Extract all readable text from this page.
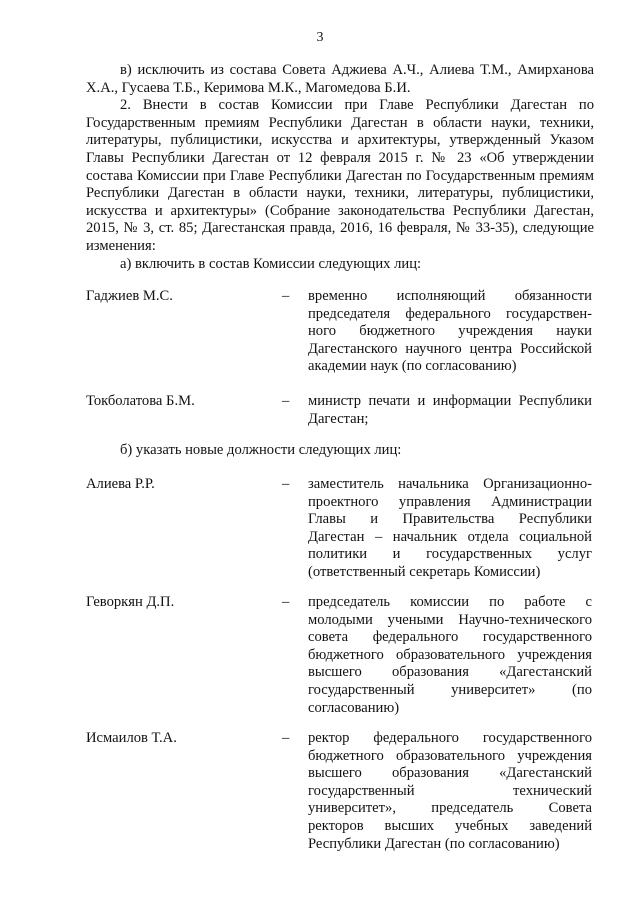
3

в) исключить из состава Совета Аджиева А.Ч., Алиева Т.М., Амирханова Х.А., Гусаева Т.Б., Керимова М.К., Магомедова Б.И.

2. Внести в состав Комиссии при Главе Республики Дагестан по Государственным премиям Республики Дагестан в области науки, техники, литературы, публицистики, искусства и архитектуры, утвержденный Указом Главы Республики Дагестан от 12 февраля 2015 г. № 23 «Об утверждении состава Комиссии при Главе Республики Дагестан по Государственным премиям Республики Дагестан в области науки, техники, литературы, публицистики, искусства и архитектуры» (Собрание законодательства Республики Дагестан, 2015, № 3, ст. 85; Дагестанская правда, 2016, 16 февраля, № 33-35), следующие изменения:

а) включить в состав Комиссии следующих лиц:
Гаджиев М.С.	–	временно исполняющий обязанности
председателя федерального государствен-
ного бюджетного учреждения науки
Дагестанского научного центра Российской
академии наук (по согласованию)
Токболатова Б.М.	–	министр печати и информации Республики
Дагестан;
б) указать новые должности следующих лиц:
Алиева Р.Р.	–	заместитель начальника Организационно-
проектного управления Администрации
Главы и Правительства Республики
Дагестан – начальник отдела социальной
политики и государственных услуг
(ответственный секретарь Комиссии)
Геворкян Д.П.	–	председатель комиссии по работе с
молодыми учеными Научно-технического
совета федерального государственного
бюджетного образовательного учреждения
высшего образования «Дагестанский
государственный университет» (по
согласованию)
Исмаилов Т.А.	–	ректор федерального государственного
бюджетного образовательного учреждения
высшего образования «Дагестанский
государственный технический
университет», председатель Совета
ректоров высших учебных заведений
Республики Дагестан (по согласованию)
